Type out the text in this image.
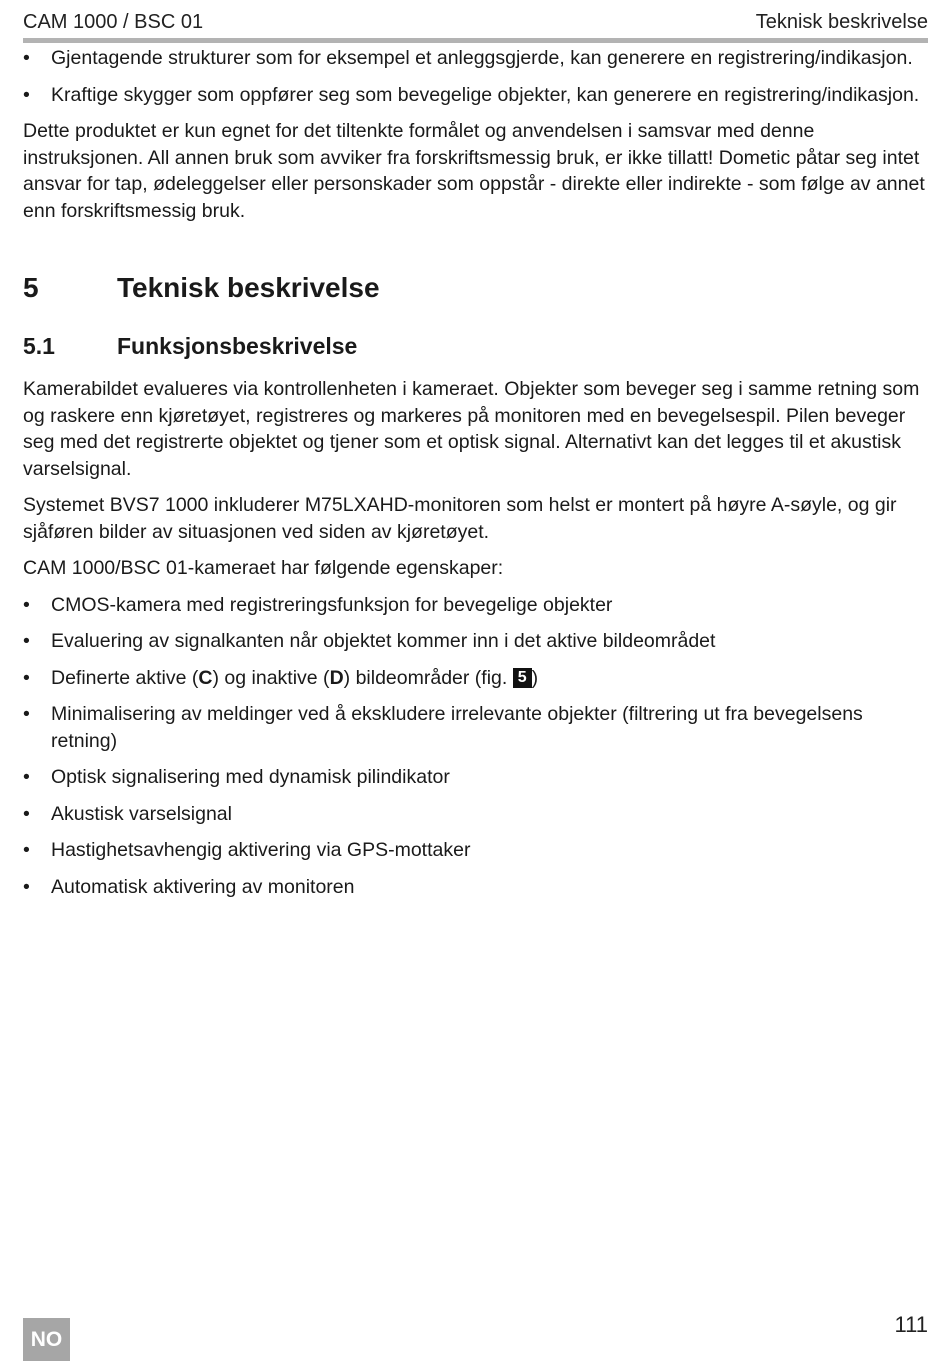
CAM 1000 / BSC 01	Teknisk beskrivelse
• Gjentagende strukturer som for eksempel et anleggsgjerde, kan generere en registrering/indikasjon.
• Kraftige skygger som oppfører seg som bevegelige objekter, kan generere en registrering/indikasjon.

Dette produktet er kun egnet for det tiltenkte formålet og anvendelsen i samsvar med denne instruksjonen. All annen bruk som avviker fra forskriftsmessig bruk, er ikke tillatt! Dometic påtar seg intet ansvar for tap, ødeleggelser eller personskader som oppstår - direkte eller indirekte - som følge av annet enn forskriftsmessig bruk.

5	Teknisk beskrivelse
5.1	Funksjonsbeskrivelse

Kamerabildet evalueres via kontrollenheten i kameraet. Objekter som beveger seg i samme retning som og raskere enn kjøretøyet, registreres og markeres på monitoren med en bevegelsespil. Pilen beveger seg med det registrerte objektet og tjener som et optisk signal. Alternativt kan det legges til et akustisk varselsignal.

Systemet BVS7 1000 inkluderer M75LXAHD-monitoren som helst er montert på høyre A-søyle, og gir sjåføren bilder av situasjonen ved siden av kjøretøyet.

CAM 1000/BSC 01-kameraet har følgende egenskaper:

• CMOS-kamera med registreringsfunksjon for bevegelige objekter
• Evaluering av signalkanten når objektet kommer inn i det aktive bildeområdet
• Definerte aktive (C) og inaktive (D) bildeområder (fig. 5 )
• Minimalisering av meldinger ved å ekskludere irrelevante objekter (filtrering ut fra bevegelsens retning)
• Optisk signalisering med dynamisk pilindikator
• Akustisk varselsignal
• Hastighetsavhengig aktivering via GPS-mottaker
• Automatisk aktivering av monitoren
NO
111
